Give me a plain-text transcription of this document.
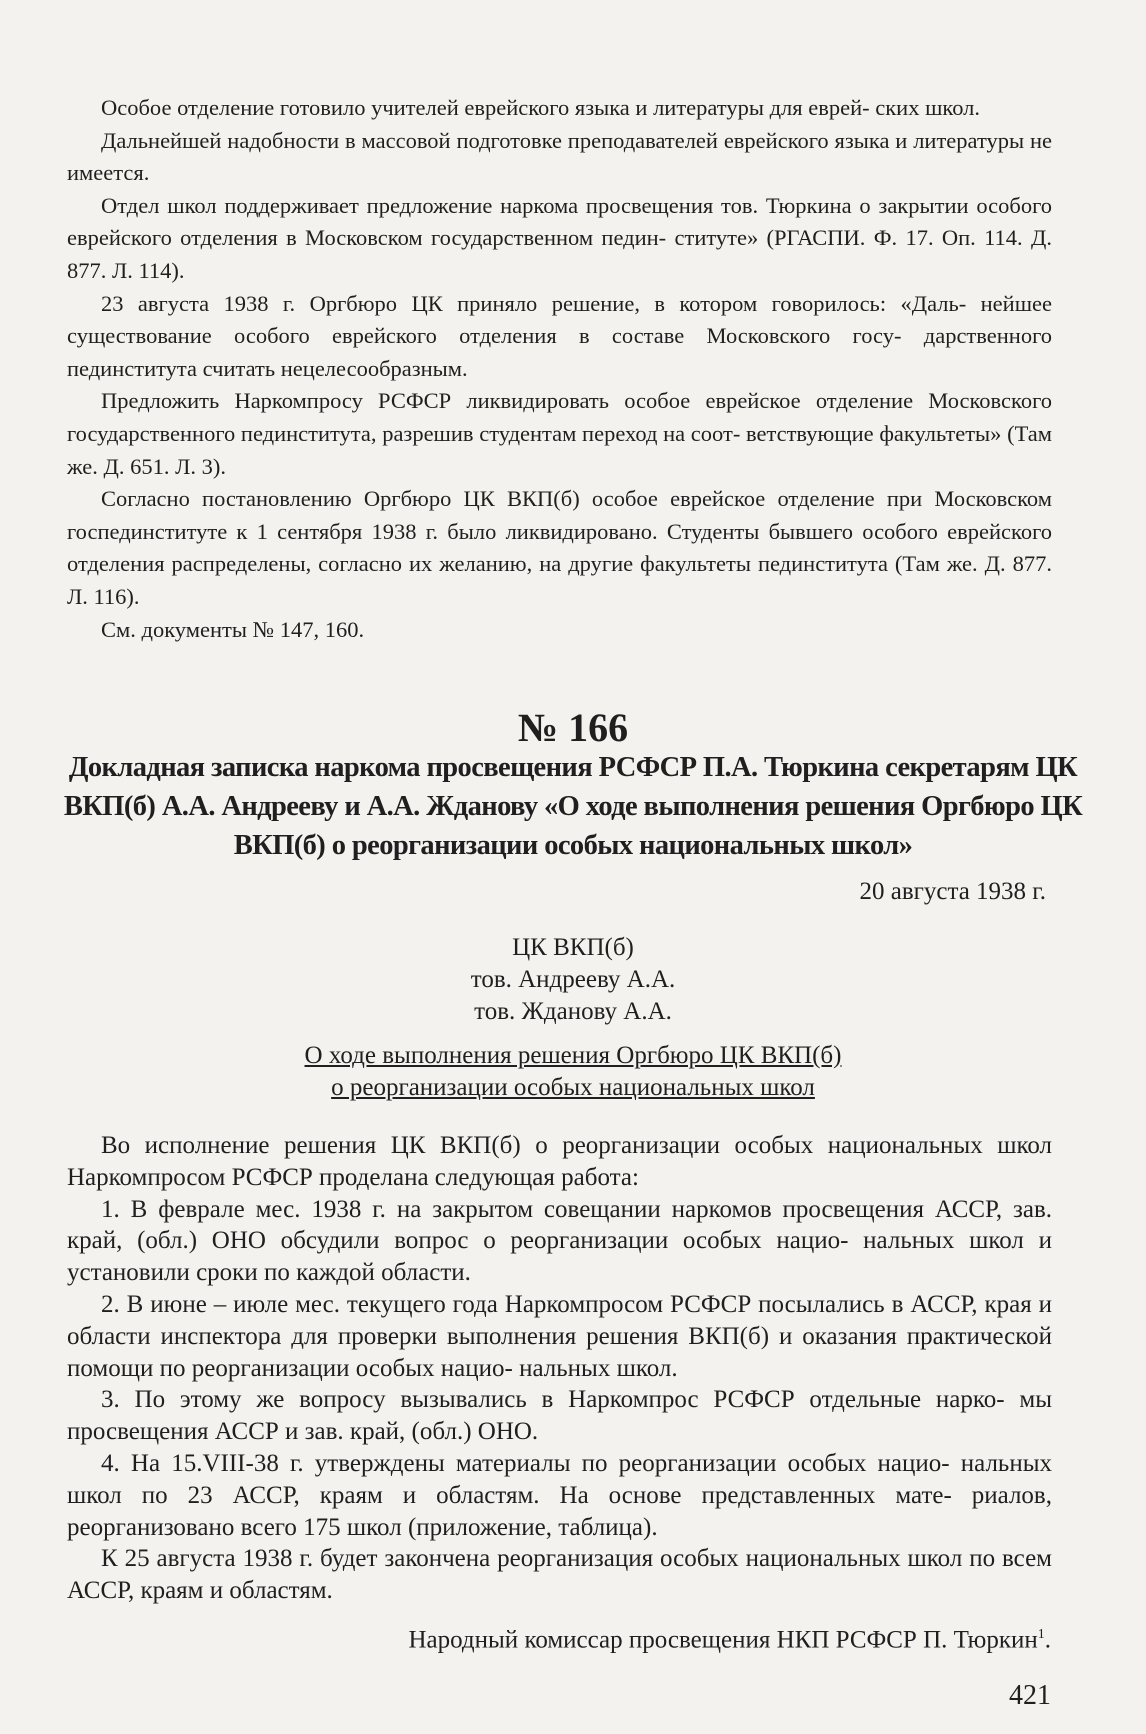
Особое отделение готовило учителей еврейского языка и литературы для еврей- ских школ.

Дальнейшей надобности в массовой подготовке преподавателей еврейского языка и литературы не имеется.

Отдел школ поддерживает предложение наркома просвещения тов. Тюркина о закрытии особого еврейского отделения в Московском государственном педин- ституте» (РГАСПИ. Ф. 17. Оп. 114. Д. 877. Л. 114).

23 августа 1938 г. Оргбюро ЦК приняло решение, в котором говорилось: «Даль- нейшее существование особого еврейского отделения в составе Московского госу- дарственного пединститута считать нецелесообразным.

Предложить Наркомпросу РСФСР ликвидировать особое еврейское отделение Московского государственного пединститута, разрешив студентам переход на соот- ветствующие факультеты» (Там же. Д. 651. Л. 3).

Согласно постановлению Оргбюро ЦК ВКП(б) особое еврейское отделение при Московском госпединституте к 1 сентября 1938 г. было ликвидировано. Студенты бывшего особого еврейского отделения распределены, согласно их желанию, на другие факультеты пединститута (Там же. Д. 877. Л. 116).

См. документы № 147, 160.

№ 166
Докладная записка наркома просвещения РСФСР П.А. Тюркина секретарям ЦК ВКП(б) А.А. Андрееву и А.А. Жданову «О ходе выполнения решения Оргбюро ЦК ВКП(б) о реорганизации особых национальных школ»
20 августа 1938 г.
ЦК ВКП(б)
тов. Андрееву А.А.
тов. Жданову А.А.
О ходе выполнения решения Оргбюро ЦК ВКП(б)
о реорганизации особых национальных школ

Во исполнение решения ЦК ВКП(б) о реорганизации особых национальных школ Наркомпросом РСФСР проделана следующая работа:

1. В феврале мес. 1938 г. на закрытом совещании наркомов просвещения АССР, зав. край, (обл.) ОНО обсудили вопрос о реорганизации особых нацио- нальных школ и установили сроки по каждой области.

2. В июне – июле мес. текущего года Наркомпросом РСФСР посылались в АССР, края и области инспектора для проверки выполнения решения ВКП(б) и оказания практической помощи по реорганизации особых нацио- нальных школ.

3. По этому же вопросу вызывались в Наркомпрос РСФСР отдельные нарко- мы просвещения АССР и зав. край, (обл.) ОНО.

4. На 15.VIII-38 г. утверждены материалы по реорганизации особых нацио- нальных школ по 23 АССР, краям и областям. На основе представленных мате- риалов, реорганизовано всего 175 школ (приложение, таблица).

К 25 августа 1938 г. будет закончена реорганизация особых национальных школ по всем АССР, краям и областям.

Народный комиссар просвещения НКП РСФСР П. Тюркин$^1$.
421
